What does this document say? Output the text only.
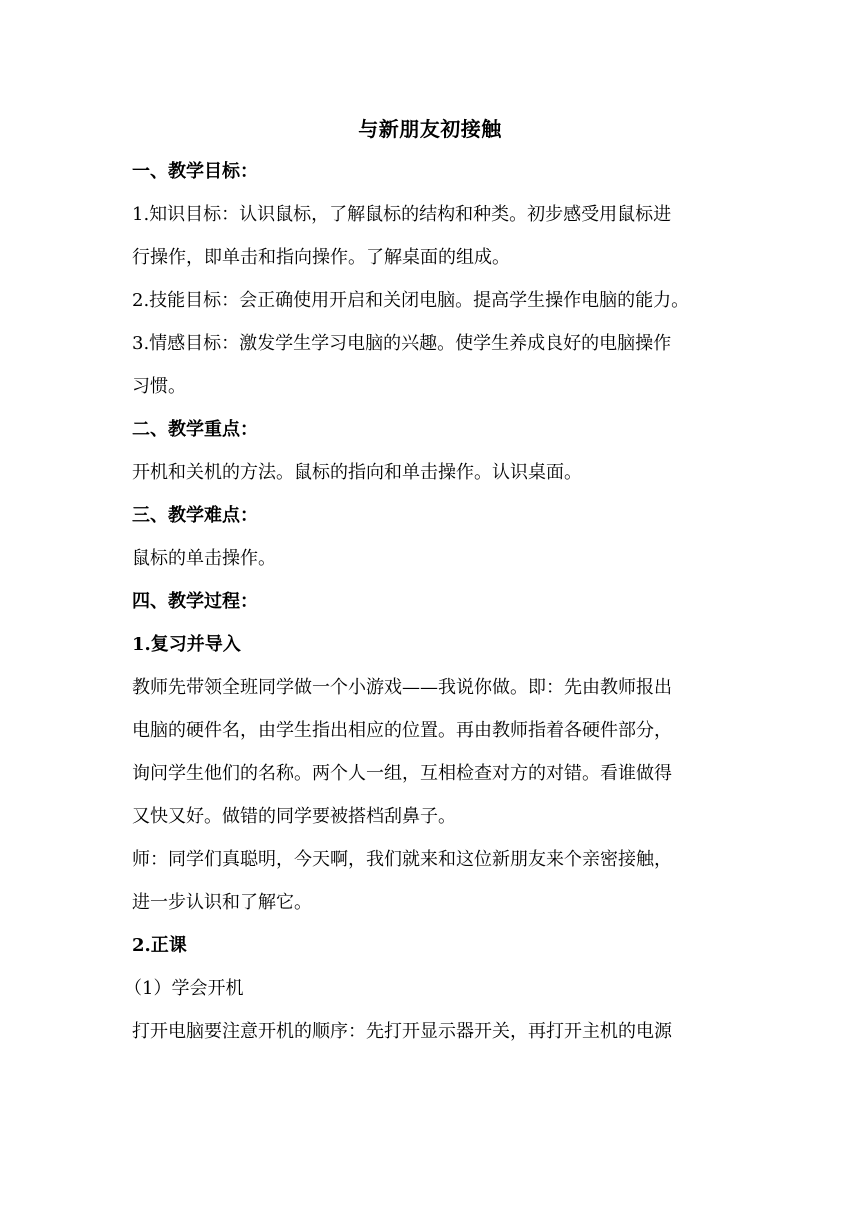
与新朋友初接触
一、教学目标：
1.知识目标：认识鼠标，了解鼠标的结构和种类。初步感受用鼠标进
行操作，即单击和指向操作。了解桌面的组成。
2.技能目标：会正确使用开启和关闭电脑。提高学生操作电脑的能力。
3.情感目标：激发学生学习电脑的兴趣。使学生养成良好的电脑操作
习惯。
二、教学重点：
开机和关机的方法。鼠标的指向和单击操作。认识桌面。
三、教学难点：
鼠标的单击操作。
四、教学过程：
1.复习并导入
教师先带领全班同学做一个小游戏——我说你做。即：先由教师报出
电脑的硬件名，由学生指出相应的位置。再由教师指着各硬件部分，
询问学生他们的名称。两个人一组，互相检查对方的对错。看谁做得
又快又好。做错的同学要被搭档刮鼻子。
师：同学们真聪明，今天啊，我们就来和这位新朋友来个亲密接触，
进一步认识和了解它。
2.正课
（1）学会开机
打开电脑要注意开机的顺序：先打开显示器开关，再打开主机的电源
